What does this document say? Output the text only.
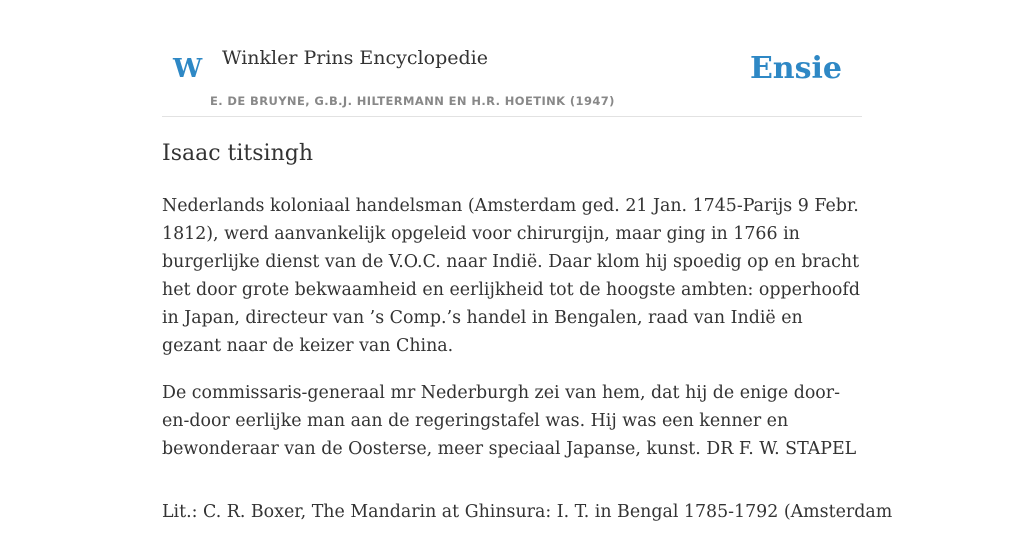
W Winkler Prins Encyclopedie
E. DE BRUYNE, G.B.J. HILTERMANN EN H.R. HOETINK (1947)
Ensie
Isaac titsingh

Nederlands koloniaal handelsman (Amsterdam ged. 21 Jan. 1745-Parijs 9 Febr. 1812), werd aanvankelijk opgeleid voor chirurgijn, maar ging in 1766 in burgerlijke dienst van de V.O.C. naar Indië. Daar klom hij spoedig op en bracht het door grote bekwaamheid en eerlijkheid tot de hoogste ambten: opperhoofd in Japan, directeur van ’s Comp.’s handel in Bengalen, raad van Indië en gezant naar de keizer van China.

De commissaris-generaal mr Nederburgh zei van hem, dat hij de enige door-en-door eerlijke man aan de regeringstafel was. Hij was een kenner en bewonderaar van de Oosterse, meer speciaal Japanse, kunst. DR F. W. STAPEL

Lit.: C. R. Boxer, The Mandarin at Ghinsura: I. T. in Bengal 1785-1792 (Amsterdam
